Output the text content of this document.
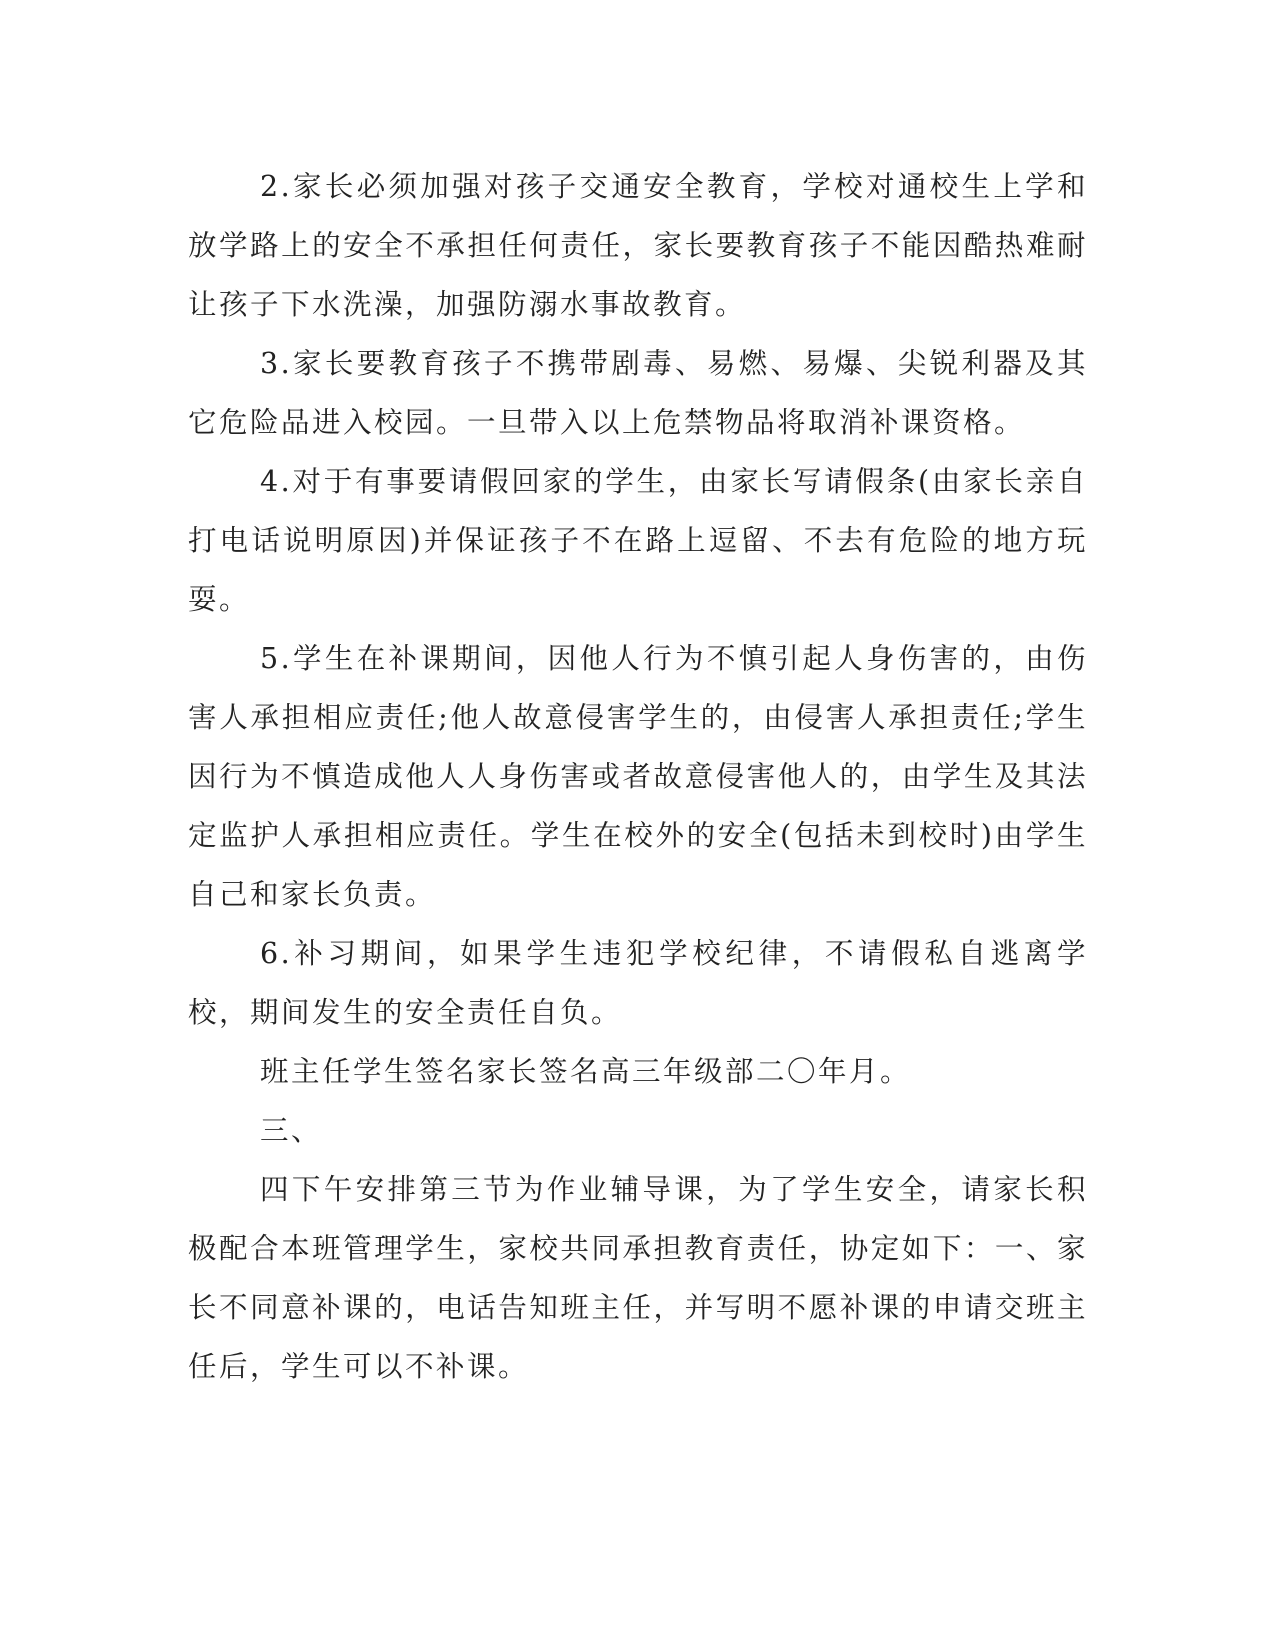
2.家长必须加强对孩子交通安全教育，学校对通校生上学和放学路上的安全不承担任何责任，家长要教育孩子不能因酷热难耐让孩子下水洗澡，加强防溺水事故教育。

3.家长要教育孩子不携带剧毒、易燃、易爆、尖锐利器及其它危险品进入校园。一旦带入以上危禁物品将取消补课资格。

4.对于有事要请假回家的学生，由家长写请假条(由家长亲自打电话说明原因)并保证孩子不在路上逗留、不去有危险的地方玩耍。

5.学生在补课期间，因他人行为不慎引起人身伤害的，由伤害人承担相应责任;他人故意侵害学生的，由侵害人承担责任;学生因行为不慎造成他人人身伤害或者故意侵害他人的，由学生及其法定监护人承担相应责任。学生在校外的安全(包括未到校时)由学生自己和家长负责。

6.补习期间，如果学生违犯学校纪律，不请假私自逃离学校，期间发生的安全责任自负。

班主任学生签名家长签名高三年级部二〇年月。

三、

四下午安排第三节为作业辅导课，为了学生安全，请家长积极配合本班管理学生，家校共同承担教育责任，协定如下：一、家长不同意补课的，电话告知班主任，并写明不愿补课的申请交班主任后，学生可以不补课。
